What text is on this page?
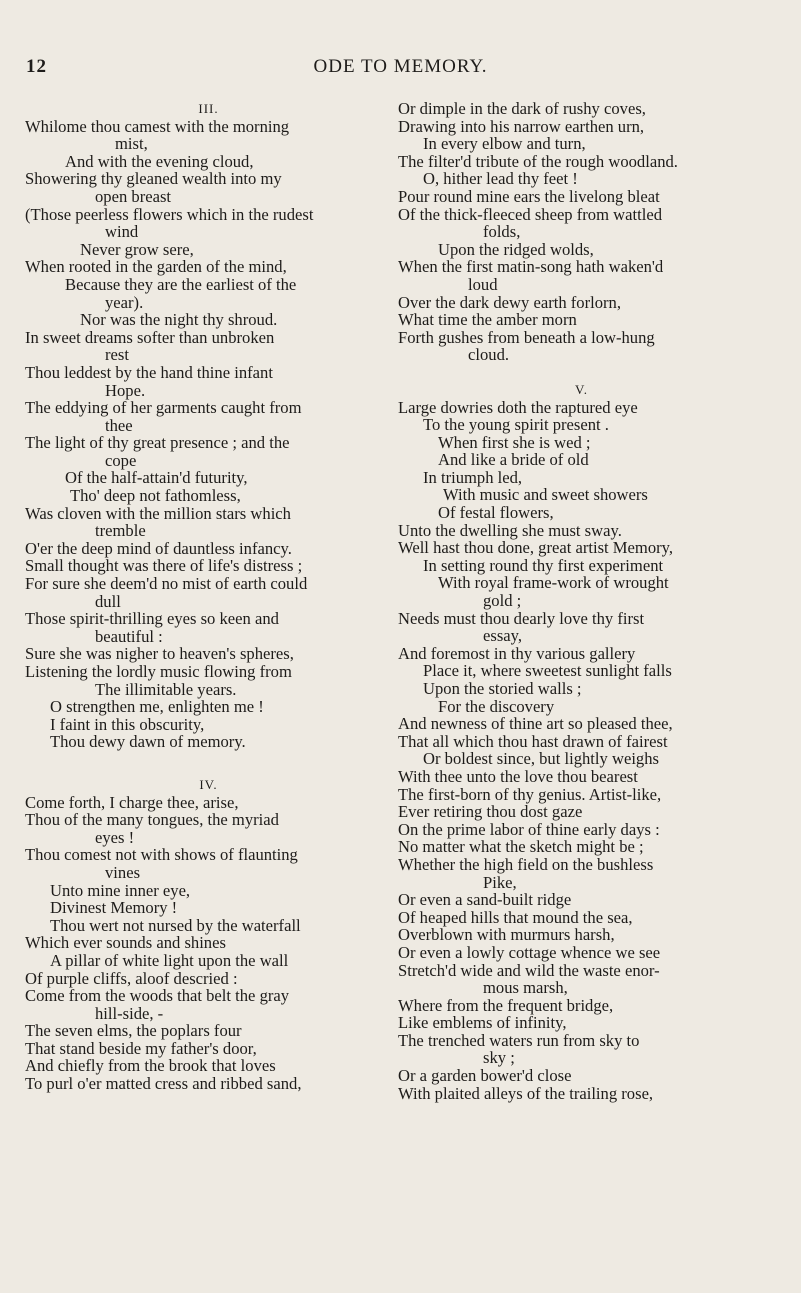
12	ODE TO MEMORY.
III.
Whilome thou camest with the morning
mist,
And with the evening cloud,
Showering thy gleaned wealth into my
open breast
(Those peerless flowers which in the rudest
wind
Never grow sere,
When rooted in the garden of the mind,
Because they are the earliest of the
year).
Nor was the night thy shroud.
In sweet dreams softer than unbroken
rest
Thou leddest by the hand thine infant
Hope.
The eddying of her garments caught from
thee
The light of thy great presence ; and the
cope
Of the half-attain'd futurity,
Tho' deep not fathomless,
Was cloven with the million stars which
tremble
O'er the deep mind of dauntless infancy.
Small thought was there of life's distress ;
For sure she deem'd no mist of earth could
dull
Those spirit-thrilling eyes so keen and
beautiful :
Sure she was nigher to heaven's spheres,
Listening the lordly music flowing from
The illimitable years.
O strengthen me, enlighten me !
I faint in this obscurity,
Thou dewy dawn of memory.
IV.
Come forth, I charge thee, arise,
Thou of the many tongues, the myriad
eyes !
Thou comest not with shows of flaunting
vines
Unto mine inner eye,
Divinest Memory !
Thou wert not nursed by the waterfall
Which ever sounds and shines
A pillar of white light upon the wall
Of purple cliffs, aloof descried :
Come from the woods that belt the gray
hill-side, -
The seven elms, the poplars four
That stand beside my father's door,
And chiefly from the brook that loves
To purl o'er matted cress and ribbed sand,
Or dimple in the dark of rushy coves,
Drawing into his narrow earthen urn,
In every elbow and turn,
The filter'd tribute of the rough woodland.
O, hither lead thy feet !
Pour round mine ears the livelong bleat
Of the thick-fleeced sheep from wattled
folds,
Upon the ridged wolds,
When the first matin-song hath waken'd
loud
Over the dark dewy earth forlorn,
What time the amber morn
Forth gushes from beneath a low-hung
cloud.
V.
Large dowries doth the raptured eye
To the young spirit present .
When first she is wed ;
And like a bride of old
In triumph led,
With music and sweet showers
Of festal flowers,
Unto the dwelling she must sway.
Well hast thou done, great artist Memory,
In setting round thy first experiment
With royal frame-work of wrought
gold ;
Needs must thou dearly love thy first
essay,
And foremost in thy various gallery
Place it, where sweetest sunlight falls
Upon the storied walls ;
For the discovery
And newness of thine art so pleased thee,
That all which thou hast drawn of fairest
Or boldest since, but lightly weighs
With thee unto the love thou bearest
The first-born of thy genius. Artist-like,
Ever retiring thou dost gaze
On the prime labor of thine early days :
No matter what the sketch might be ;
Whether the high field on the bushless
Pike,
Or even a sand-built ridge
Of heaped hills that mound the sea,
Overblown with murmurs harsh,
Or even a lowly cottage whence we see
Stretch'd wide and wild the waste enor-
mous marsh,
Where from the frequent bridge,
Like emblems of infinity,
The trenched waters run from sky to
sky ;
Or a garden bower'd close
With plaited alleys of the trailing rose,
